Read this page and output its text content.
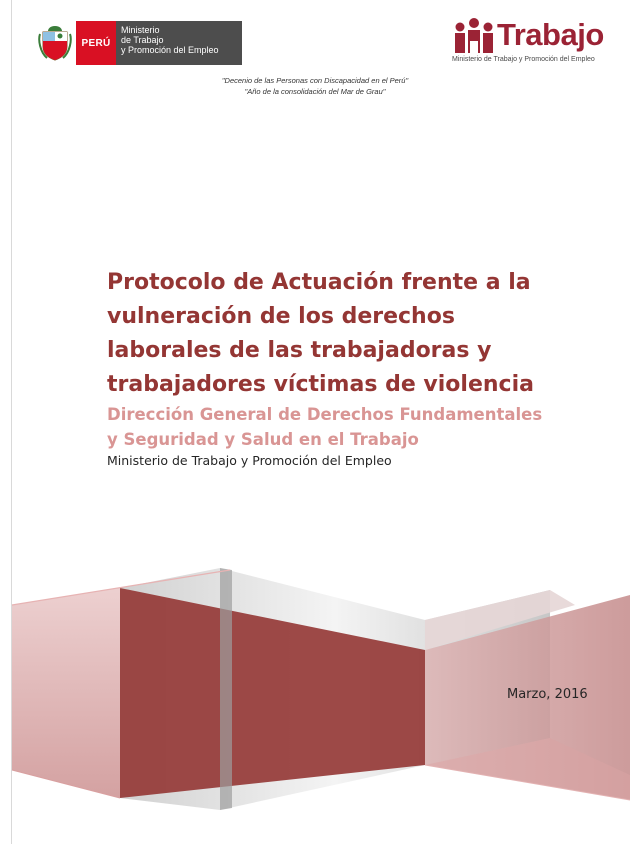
PERÚ
Ministerio
de Trabajo
y Promoción del Empleo	Trabajo
Ministerio de Trabajo y Promoción del Empleo
"Decenio de las Personas con Discapacidad en el Perú"
"Año de la consolidación del Mar de Grau"

Protocolo de Actuación frente a la

vulneración de los derechos

laborales de las trabajadoras y

trabajadores víctimas de violencia

Dirección General de Derechos Fundamentales

y Seguridad y Salud en el Trabajo

Ministerio de Trabajo y Promoción del Empleo

Marzo, 2016
